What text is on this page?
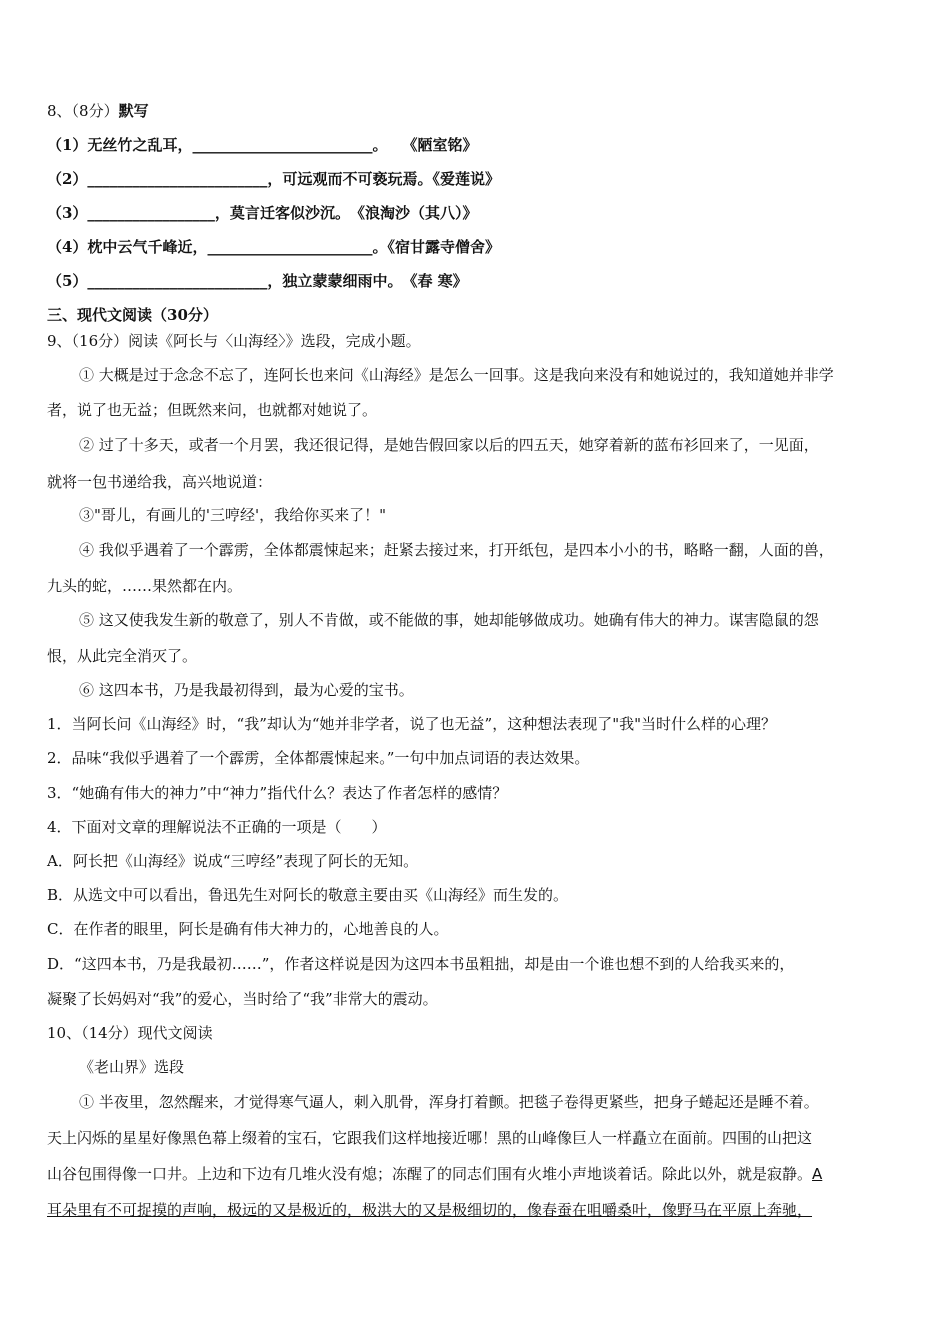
8、（8分）默写
（1）无丝竹之乱耳，________________________。　　《陋室铭》
（2）________________________，可远观而不可亵玩焉。《爱莲说》
（3）_________________，莫言迁客似沙沉。　《浪淘沙（其八）》
（4）枕中云气千峰近，______________________。《宿甘露寺僧舍》
（5）________________________，独立蒙蒙细雨中。　《春 寒》
三、现代文阅读（30分）
9、（16分）阅读《阿长与〈山海经〉》选段，完成小题。
① 大概是过于念念不忘了，连阿长也来问《山海经》是怎么一回事。这是我向来没有和她说过的，我知道她并非学
者，说了也无益；但既然来问，也就都对她说了。
② 过了十多天，或者一个月罢，我还很记得，是她告假回家以后的四五天，她穿着新的蓝布衫回来了，一见面，
就将一包书递给我，高兴地说道：
③"哥儿，有画儿的'三哼经'，我给你买来了！"
④ 我似乎遇着了一个霹雳，全体都震悚起来；赶紧去接过来，打开纸包，是四本小小的书，略略一翻，人面的兽，
九头的蛇，……果然都在内。
⑤ 这又使我发生新的敬意了，别人不肯做，或不能做的事，她却能够做成功。她确有伟大的神力。谋害隐鼠的怨
恨，从此完全消灭了。
⑥ 这四本书，乃是我最初得到，最为心爱的宝书。
1．当阿长问《山海经》时，“我”却认为“她并非学者，说了也无益”，这种想法表现了"我"当时什么样的心理？
2．品味“我似乎遇着了一个霹雳，全体都震悚起来。”一句中加点词语的表达效果。
3．“她确有伟大的神力”中“神力”指代什么？表达了作者怎样的感情？
4．下面对文章的理解说法不正确的一项是（　　）
A．阿长把《山海经》说成“三哼经”表现了阿长的无知。
B．从选文中可以看出，鲁迅先生对阿长的敬意主要由买《山海经》而生发的。
C．在作者的眼里，阿长是确有伟大神力的，心地善良的人。
D．“这四本书，乃是我最初……”，作者这样说是因为这四本书虽粗拙，却是由一个谁也想不到的人给我买来的，
凝聚了长妈妈对“我”的爱心，当时给了“我”非常大的震动。
10、（14分）现代文阅读
《老山界》选段
① 半夜里，忽然醒来，才觉得寒气逼人，刺入肌骨，浑身打着颤。把毯子卷得更紧些，把身子蜷起还是睡不着。
天上闪烁的星星好像黑色幕上缀着的宝石，它跟我们这样地接近哪！黑的山峰像巨人一样矗立在面前。四围的山把这
山谷包围得像一口井。上边和下边有几堆火没有熄；冻醒了的同志们围有火堆小声地谈着话。除此以外，就是寂静。A
耳朵里有不可捉摸的声响，极远的又是极近的，极洪大的又是极细切的，像春蚕在咀嚼桑叶，像野马在平原上奔驰，
